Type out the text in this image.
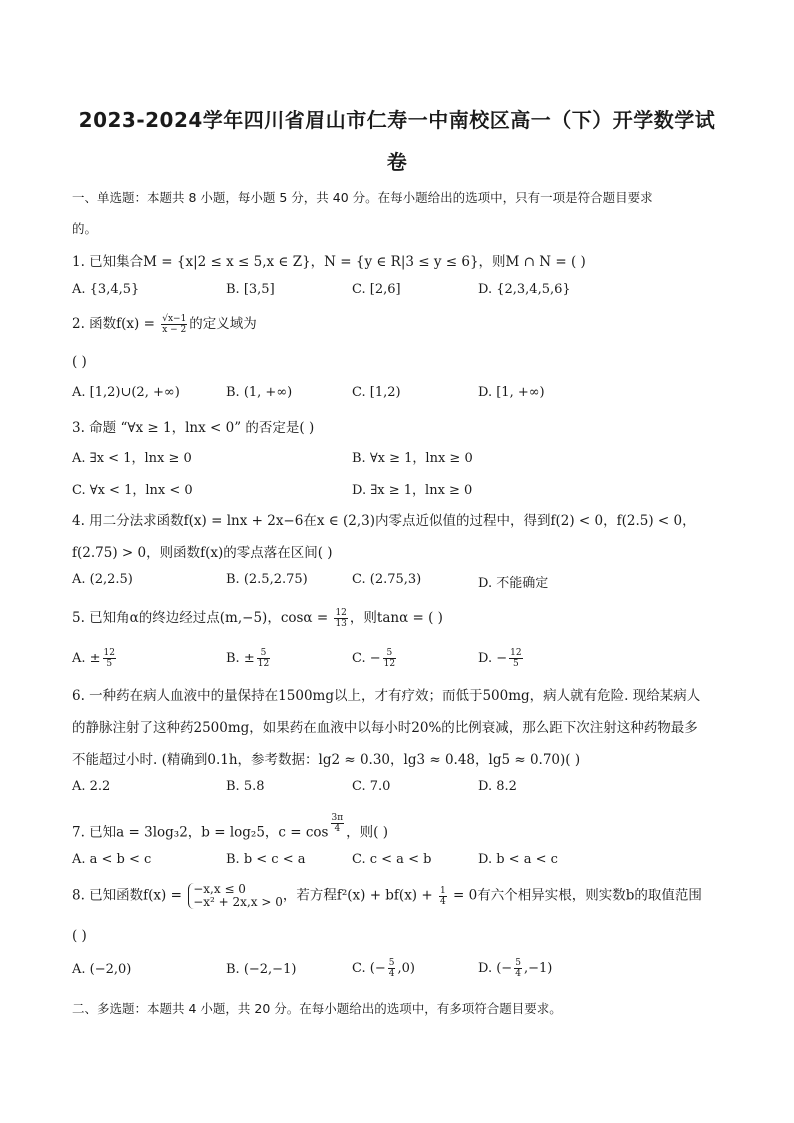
2023-2024学年四川省眉山市仁寿一中南校区高一（下）开学数学试
卷
一、单选题：本题共 8 小题，每小题 5 分，共 40 分。在每小题给出的选项中，只有一项是符合题目要求
的。
1. 已知集合M = {x|2 ≤ x ≤ 5,x ∈ Z}，N = {y ∈ R|3 ≤ y ≤ 6}，则M ∩ N = ( )
A. {3,4,5}	B. [3,5]	C. [2,6]	D. {2,3,4,5,6}
2. 函数$f(x) = \frac{√x-1}{x - 2}$ 的定义域为
( )
A. [1,2)∪(2, +∞)	B. (1, +∞)	C. [1,2)	D. [1, +∞)
3. 命题 “∀x ≥ 1，lnx < 0” 的否定是( )
A. ∃x < 1，lnx ≥ 0	B. ∀x ≥ 1，lnx ≥ 0
C. ∀x < 1，lnx < 0	D. ∃x ≥ 1，lnx ≥ 0
4. 用二分法求函数f(x) = lnx + 2x−6在x ∈ (2,3)内零点近似值的过程中，得到f(2) < 0，f(2.5) < 0，
f(2.75) > 0，则函数f(x)的零点落在区间( )
A. (2,2.5)	B. (2.5,2.75)	C. (2.75,3)	D. 不能确定
5. 已知角α的终边经过点(m,−5)，$\cos\alpha = \frac{12}{13}$ ，则tanα = ( )
A. ± $\frac{12}{5}$	B. ± $\frac{5}{12}$	C. − $\frac{5}{12}$	D. − $\frac{12}{5}$
6. 一种药在病人血液中的量保持在1500mg以上，才有疗效；而低于500mg，病人就有危险. 现给某病人
的静脉注射了这种药2500mg，如果药在血液中以每小时20%的比例衰减，那么距下次注射这种药物最多
不能超过小时. (精确到0.1h，参考数据：lg2 ≈ 0.30，lg3 ≈ 0.48，lg5 ≈ 0.70)( )
A. 2.2	B. 5.8	C. 7.0	D. 8.2
7. 已知a = 3log₃2，b = log₂5，$c = \cos \frac{3\pi}{4}$ ，则( )
A. a < b < c	B. b < c < a	C. c < a < b	D. b < a < c
8. 已知函数f(x) = −x,x ≤ 0
−x² + 2x,x > 0 ，若方程$f^2(x) + bf(x) + \frac{1}{4} = 0$有六个相异实根，则实数b的取值范围
( )
A. (−2,0)	B. (−2,−1)	C. (− $\frac{5}{4} ,0$)	D. (− $\frac{5}{4} ,-1$)
二、多选题：本题共 4 小题，共 20 分。在每小题给出的选项中，有多项符合题目要求。
